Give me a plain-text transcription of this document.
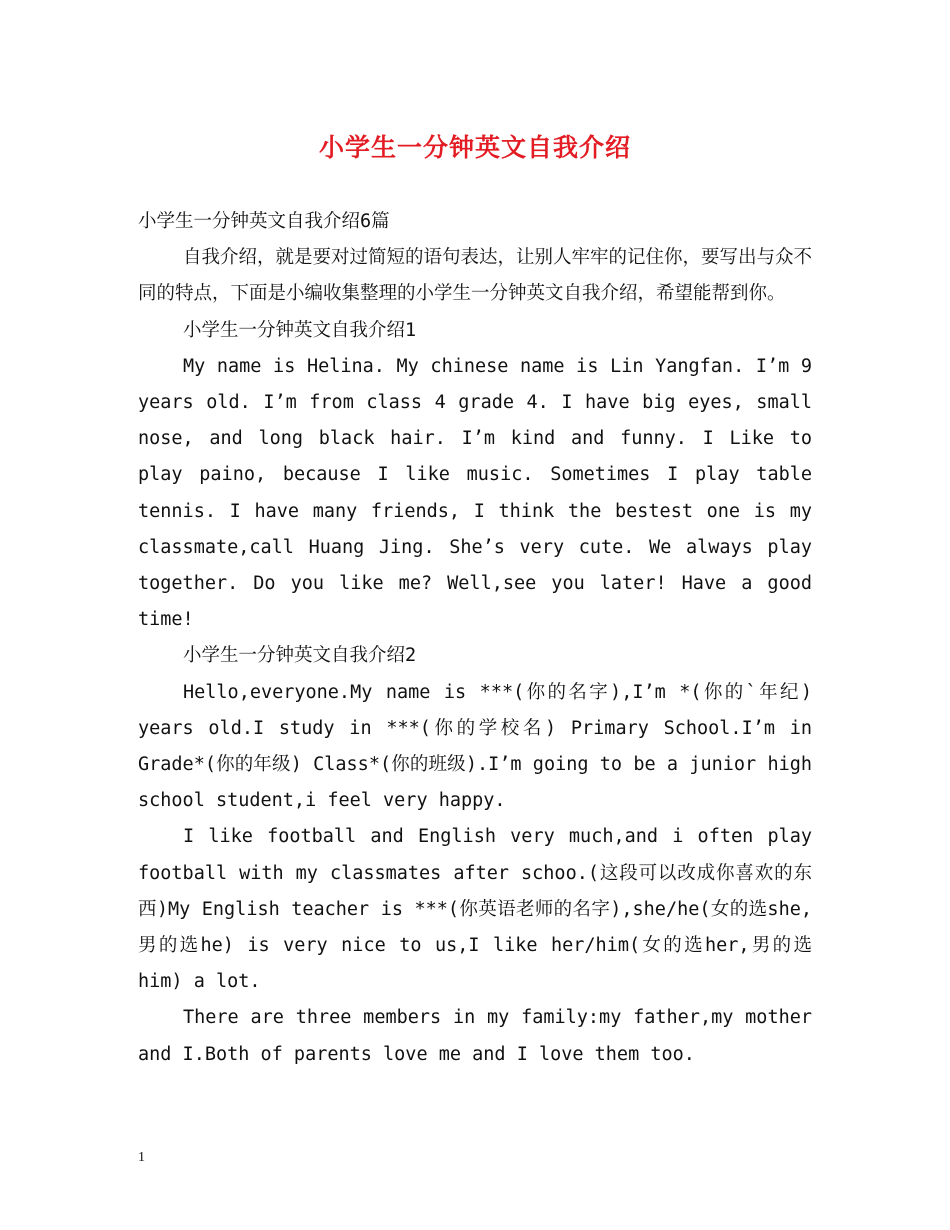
小学生一分钟英文自我介绍

小学生一分钟英文自我介绍6篇

自我介绍，就是要对过简短的语句表达，让别人牢牢的记住你，要写出与众不同的特点，下面是小编收集整理的小学生一分钟英文自我介绍，希望能帮到你。

小学生一分钟英文自我介绍1

My name is Helina. My chinese name is Lin Yangfan. I’m 9 years old. I’m from class 4 grade 4. I have big eyes, small nose, and long black hair. I’m kind and funny. I Like to play paino, because I like music. Sometimes I play table tennis. I have many friends, I think the bestest one is my classmate,call Huang Jing. She’s very cute. We always play together. Do you like me? Well,see you later! Have a good time!

小学生一分钟英文自我介绍2

Hello,everyone.My name is ***(你的名字),I’m *(你的`年纪) years old.I study in ***(你的学校名) Primary School.I’m in Grade*(你的年级) Class*(你的班级).I’m going to be a junior high school student,i feel very happy.

I like football and English very much,and i often play football with my classmates after schoo.(这段可以改成你喜欢的东西)My English teacher is ***(你英语老师的名字),she/he(女的选she,男的选he) is very nice to us,I like her/him(女的选her,男的选him) a lot.

There are three members in my family:my father,my mother and I.Both of parents love me and I love them too.

1
